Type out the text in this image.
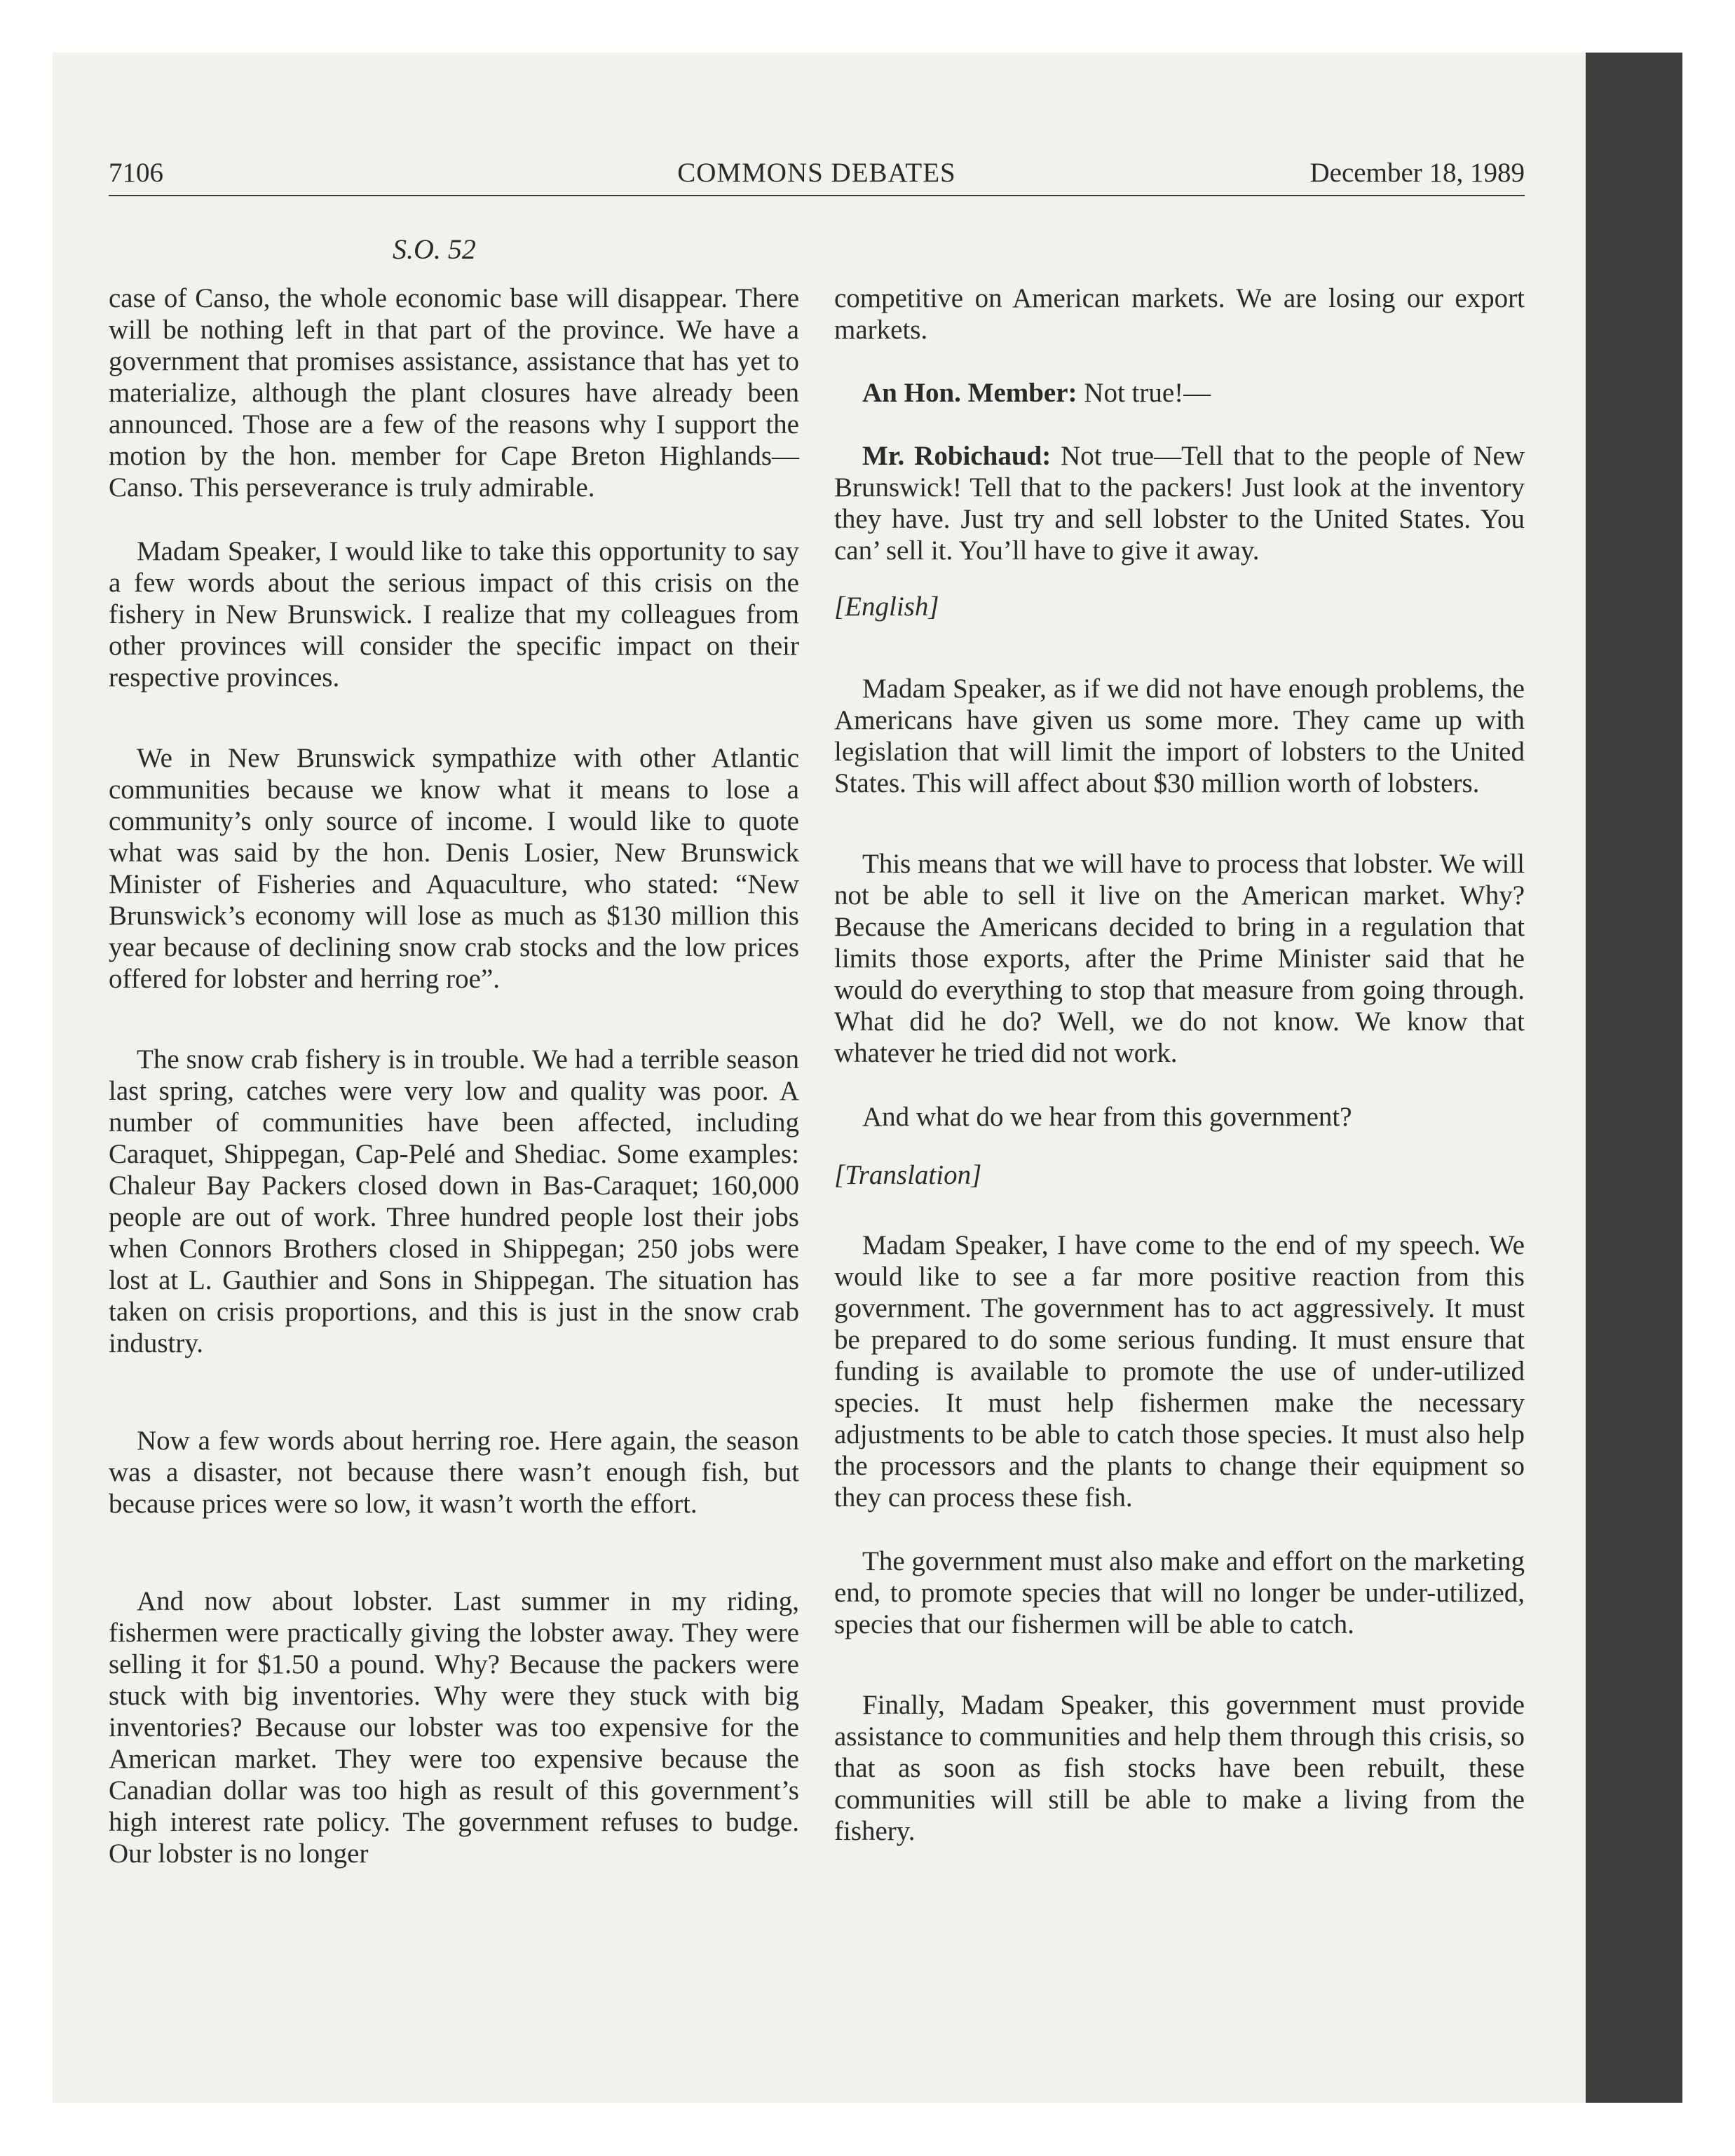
7106	COMMONS DEBATES	December 18, 1989
S.O. 52

case of Canso, the whole economic base will disappear. There will be nothing left in that part of the province. We have a government that promises assistance, assistance that has yet to materialize, although the plant closures have already been announced. Those are a few of the reasons why I support the motion by the hon. member for Cape Breton Highlands—Canso. This perseverance is truly admirable.

Madam Speaker, I would like to take this opportunity to say a few words about the serious impact of this crisis on the fishery in New Brunswick. I realize that my colleagues from other provinces will consider the specific impact on their respective provinces.

We in New Brunswick sympathize with other Atlantic communities because we know what it means to lose a community’s only source of income. I would like to quote what was said by the hon. Denis Losier, New Brunswick Minister of Fisheries and Aquaculture, who stated: “New Brunswick’s economy will lose as much as $130 million this year because of declining snow crab stocks and the low prices offered for lobster and herring roe”.

The snow crab fishery is in trouble. We had a terrible season last spring, catches were very low and quality was poor. A number of communities have been affected, including Caraquet, Shippegan, Cap-Pelé and Shediac. Some examples: Chaleur Bay Packers closed down in Bas-Caraquet; 160,000 people are out of work. Three hundred people lost their jobs when Connors Brothers closed in Shippegan; 250 jobs were lost at L. Gauthier and Sons in Shippegan. The situation has taken on crisis proportions, and this is just in the snow crab industry.

Now a few words about herring roe. Here again, the season was a disaster, not because there wasn’t enough fish, but because prices were so low, it wasn’t worth the effort.

And now about lobster. Last summer in my riding, fishermen were practically giving the lobster away. They were selling it for $1.50 a pound. Why? Because the packers were stuck with big inventories. Why were they stuck with big inventories? Because our lobster was too expensive for the American market. They were too expensive because the Canadian dollar was too high as result of this government’s high interest rate policy. The government refuses to budge. Our lobster is no longer

competitive on American markets. We are losing our export markets.

An Hon. Member: Not true!—

Mr. Robichaud: Not true—Tell that to the people of New Brunswick! Tell that to the packers! Just look at the inventory they have. Just try and sell lobster to the United States. You can’ sell it. You’ll have to give it away.

[English]

Madam Speaker, as if we did not have enough problems, the Americans have given us some more. They came up with legislation that will limit the import of lobsters to the United States. This will affect about $30 million worth of lobsters.

This means that we will have to process that lobster. We will not be able to sell it live on the American market. Why? Because the Americans decided to bring in a regulation that limits those exports, after the Prime Minister said that he would do everything to stop that measure from going through. What did he do? Well, we do not know. We know that whatever he tried did not work.

And what do we hear from this government?

[Translation]

Madam Speaker, I have come to the end of my speech. We would like to see a far more positive reaction from this government. The government has to act aggressively. It must be prepared to do some serious funding. It must ensure that funding is available to promote the use of under-utilized species. It must help fishermen make the necessary adjustments to be able to catch those species. It must also help the processors and the plants to change their equipment so they can process these fish.

The government must also make and effort on the marketing end, to promote species that will no longer be under-utilized, species that our fishermen will be able to catch.

Finally, Madam Speaker, this government must provide assistance to communities and help them through this crisis, so that as soon as fish stocks have been rebuilt, these communities will still be able to make a living from the fishery.
